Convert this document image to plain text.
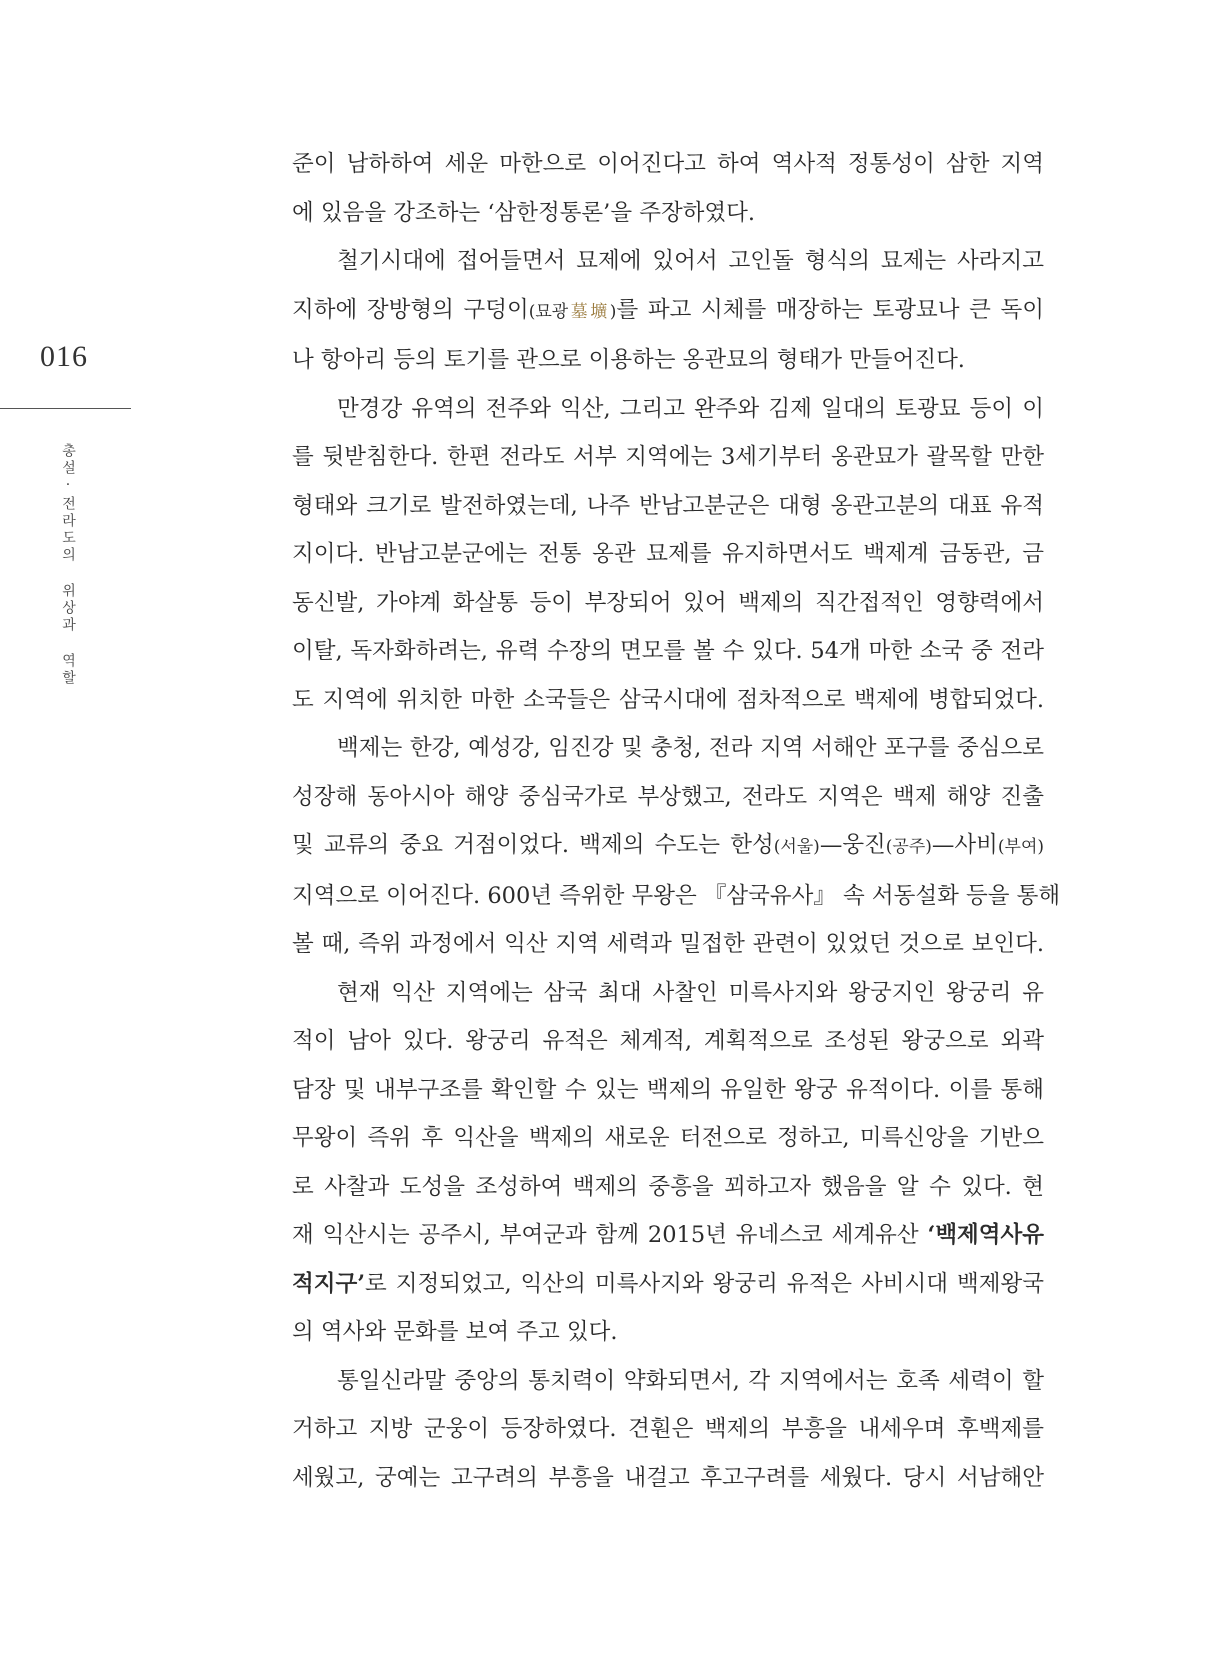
016
총설·전라도의 위상과 역할

준이 남하하여 세운 마한으로 이어진다고 하여 역사적 정통성이 삼한 지역
에 있음을 강조하는 ‘삼한정통론’을 주장하였다.

철기시대에 접어들면서 묘제에 있어서 고인돌 형식의 묘제는 사라지고
지하에 장방형의 구덩이(묘광墓壙)를 파고 시체를 매장하는 토광묘나 큰 독이
나 항아리 등의 토기를 관으로 이용하는 옹관묘의 형태가 만들어진다.

만경강 유역의 전주와 익산, 그리고 완주와 김제 일대의 토광묘 등이 이
를 뒷받침한다. 한편 전라도 서부 지역에는 3세기부터 옹관묘가 괄목할 만한
형태와 크기로 발전하였는데, 나주 반남고분군은 대형 옹관고분의 대표 유적
지이다. 반남고분군에는 전통 옹관 묘제를 유지하면서도 백제계 금동관, 금
동신발, 가야계 화살통 등이 부장되어 있어 백제의 직간접적인 영향력에서
이탈, 독자화하려는, 유력 수장의 면모를 볼 수 있다. 54개 마한 소국 중 전라
도 지역에 위치한 마한 소국들은 삼국시대에 점차적으로 백제에 병합되었다.

백제는 한강, 예성강, 임진강 및 충청, 전라 지역 서해안 포구를 중심으로
성장해 동아시아 해양 중심국가로 부상했고, 전라도 지역은 백제 해양 진출
및 교류의 중요 거점이었다. 백제의 수도는 한성(서울)—웅진(공주)—사비(부여)
지역으로 이어진다. 600년 즉위한 무왕은 『삼국유사』 속 서동설화 등을 통해
볼 때, 즉위 과정에서 익산 지역 세력과 밀접한 관련이 있었던 것으로 보인다.

현재 익산 지역에는 삼국 최대 사찰인 미륵사지와 왕궁지인 왕궁리 유
적이 남아 있다. 왕궁리 유적은 체계적, 계획적으로 조성된 왕궁으로 외곽
담장 및 내부구조를 확인할 수 있는 백제의 유일한 왕궁 유적이다. 이를 통해
무왕이 즉위 후 익산을 백제의 새로운 터전으로 정하고, 미륵신앙을 기반으
로 사찰과 도성을 조성하여 백제의 중흥을 꾀하고자 했음을 알 수 있다. 현
재 익산시는 공주시, 부여군과 함께 2015년 유네스코 세계유산 ‘백제역사유
적지구’로 지정되었고, 익산의 미륵사지와 왕궁리 유적은 사비시대 백제왕국
의 역사와 문화를 보여 주고 있다.

통일신라말 중앙의 통치력이 약화되면서, 각 지역에서는 호족 세력이 할
거하고 지방 군웅이 등장하였다. 견훤은 백제의 부흥을 내세우며 후백제를
세웠고, 궁예는 고구려의 부흥을 내걸고 후고구려를 세웠다. 당시 서남해안
